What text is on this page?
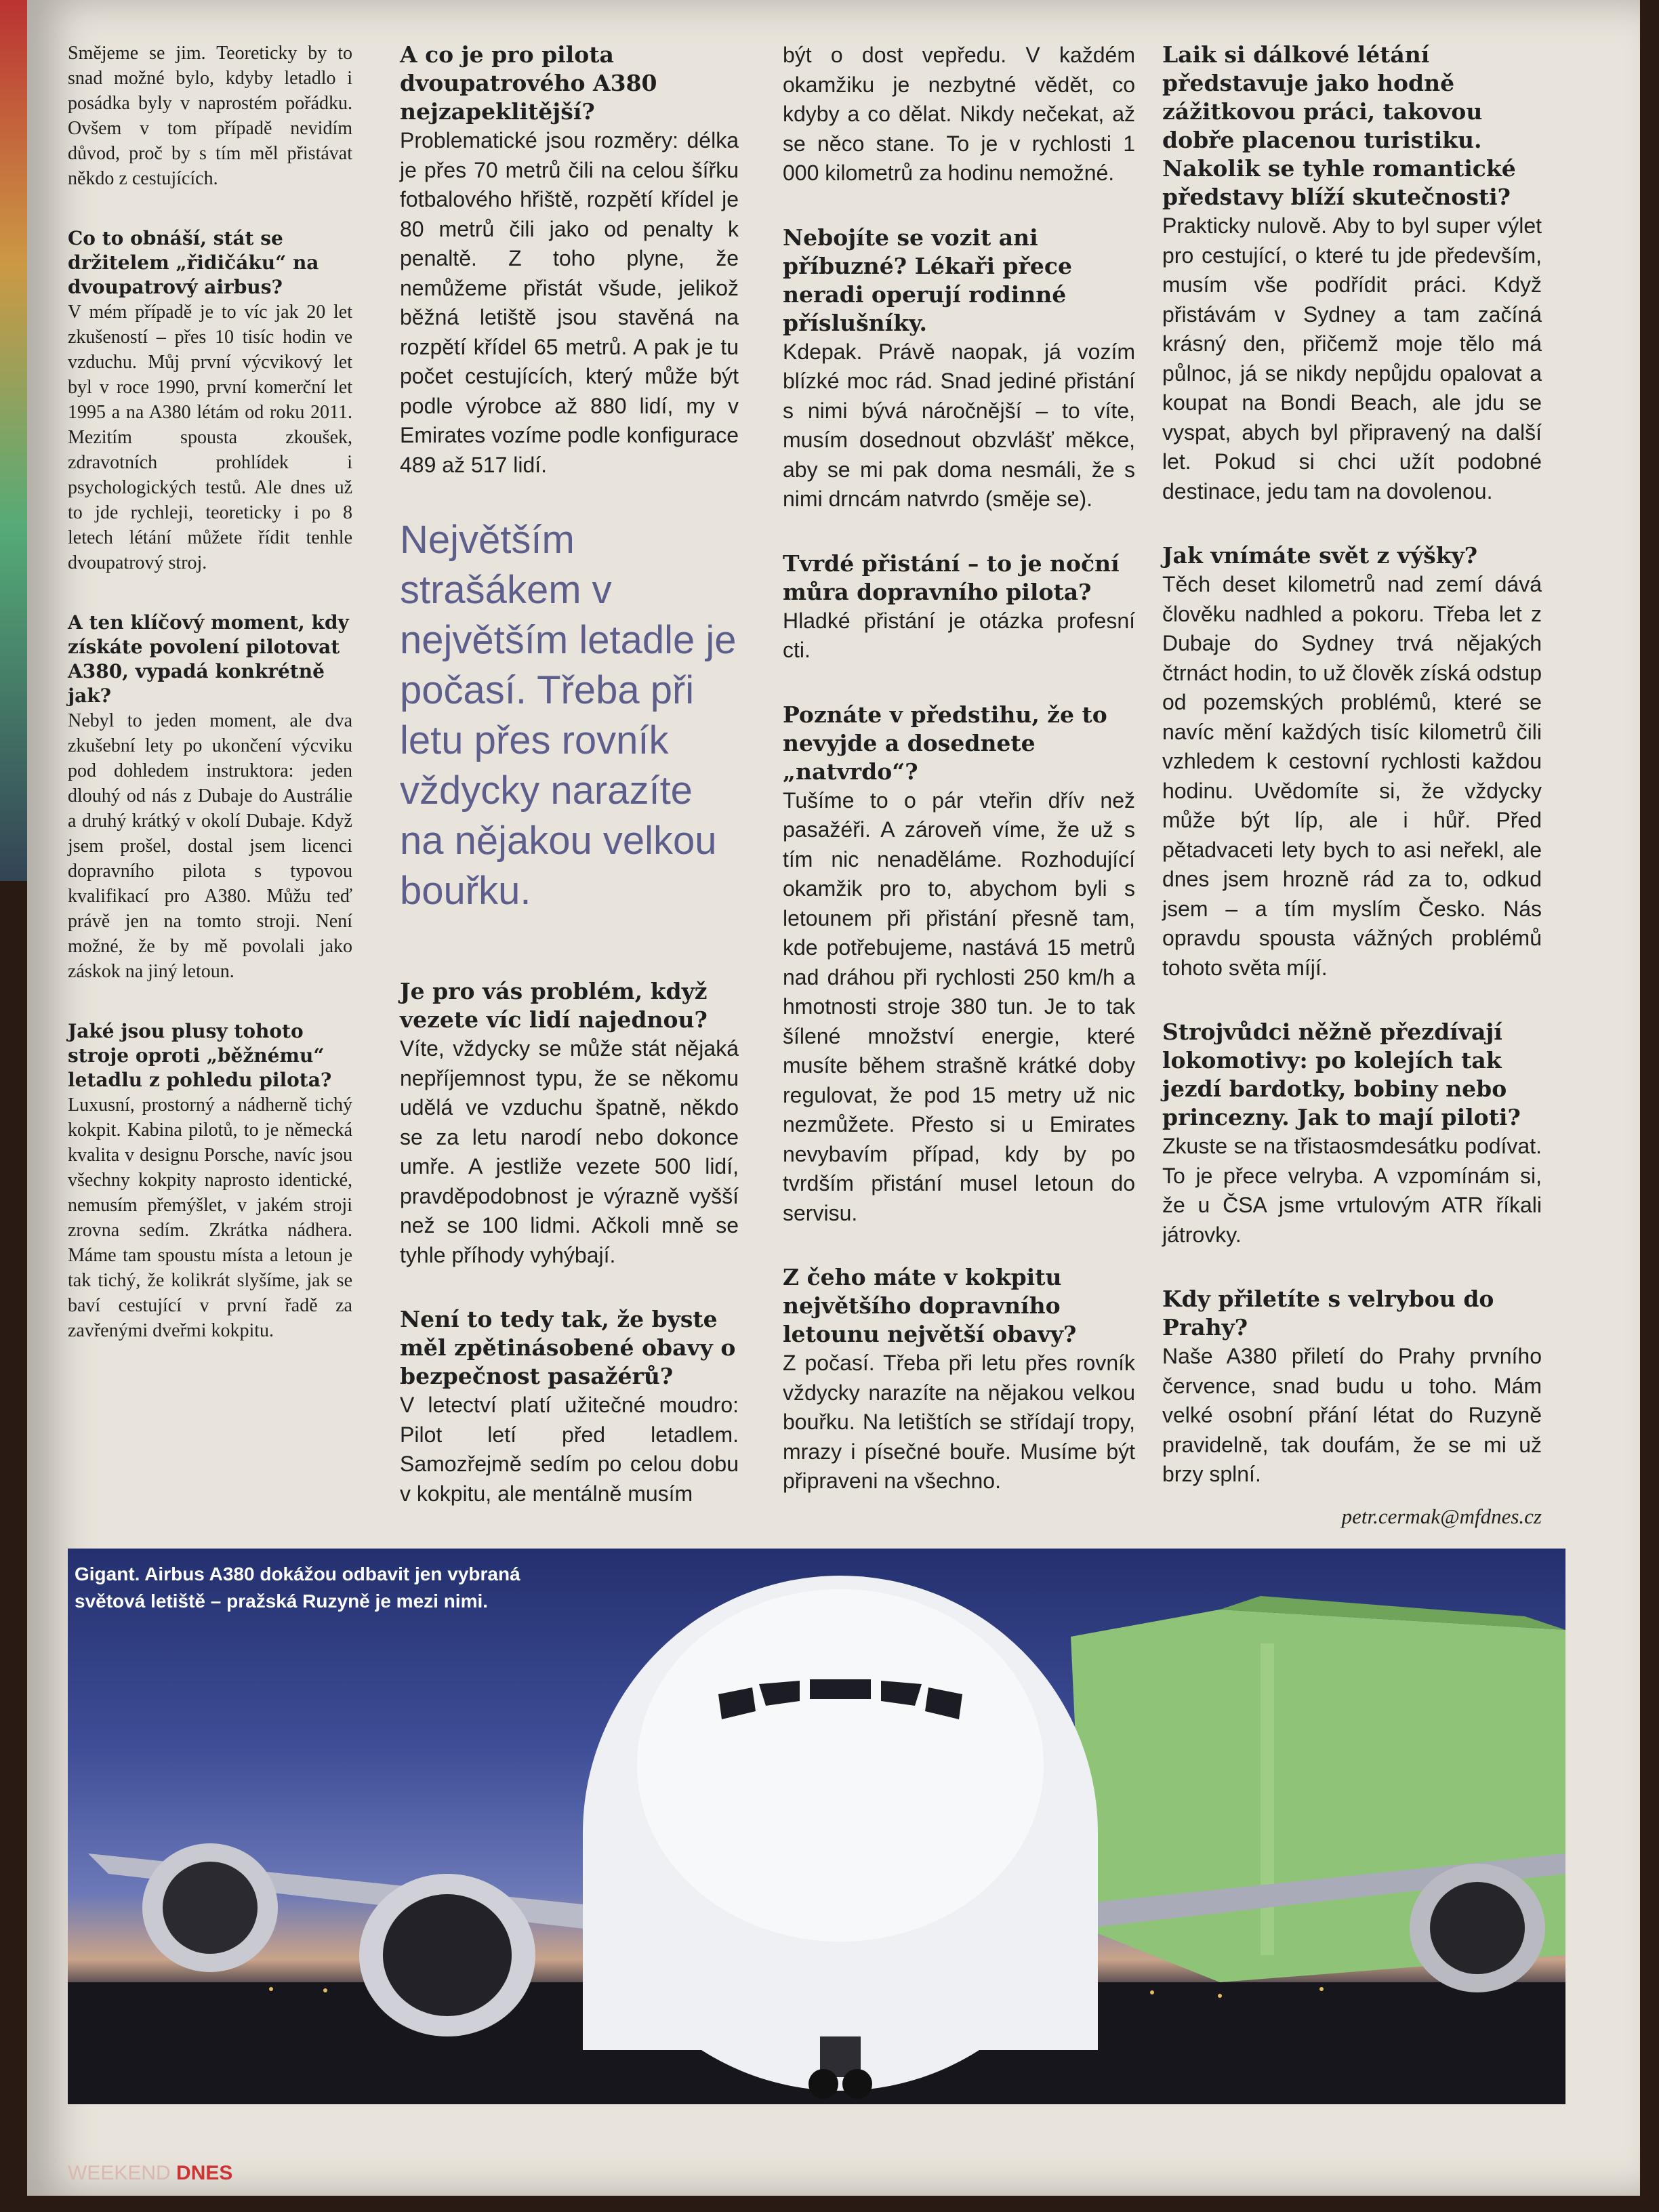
Smějeme se jim. Teoreticky by to snad možné bylo, kdyby letadlo i posádka byly v naprostém pořádku. Ovšem v tom případě nevidím důvod, proč by s tím měl přistávat někdo z cestujících.

Co to obnáší, stát se držitelem „řidičáku“ na dvoupatrový airbus?

V mém případě je to víc jak 20 let zkušeností – přes 10 tisíc hodin ve vzduchu. Můj první výcvikový let byl v roce 1990, první komerční let 1995 a na A380 létám od roku 2011. Mezitím spousta zkoušek, zdravotních prohlídek i psychologických testů. Ale dnes už to jde rychleji, teoreticky i po 8 letech létání můžete řídit tenhle dvoupatrový stroj.

A ten klíčový moment, kdy získáte povolení pilotovat A380, vypadá konkrétně jak?

Nebyl to jeden moment, ale dva zkušební lety po ukončení výcviku pod dohledem instruktora: jeden dlouhý od nás z Dubaje do Austrálie a druhý krátký v okolí Dubaje. Když jsem prošel, dostal jsem licenci dopravního pilota s typovou kvalifikací pro A380. Můžu teď právě jen na tomto stroji. Není možné, že by mě povolali jako záskok na jiný letoun.

Jaké jsou plusy tohoto stroje oproti „běžnému“ letadlu z pohledu pilota?

Luxusní, prostorný a nádherně tichý kokpit. Kabina pilotů, to je německá kvalita v designu Porsche, navíc jsou všechny kokpity naprosto identické, nemusím přemýšlet, v jakém stroji zrovna sedím. Zkrátka nádhera. Máme tam spoustu místa a letoun je tak tichý, že kolikrát slyšíme, jak se baví cestující v první řadě za zavřenými dveřmi kokpitu.

A co je pro pilota dvoupatrového A380 nejzapeklitější?

Problematické jsou rozměry: délka je přes 70 metrů čili na celou šířku fotbalového hřiště, rozpětí křídel je 80 metrů čili jako od penalty k penaltě. Z toho plyne, že nemůžeme přistát všude, jelikož běžná letiště jsou stavěná na rozpětí křídel 65 metrů. A pak je tu počet cestujících, který může být podle výrobce až 880 lidí, my v Emirates vozíme podle konfigurace 489 až 517 lidí.

Největším strašákem v největším letadle je počasí. Třeba při letu přes rovník vždycky narazíte na nějakou velkou bouřku.

Je pro vás problém, když vezete víc lidí najednou?

Víte, vždycky se může stát nějaká nepříjemnost typu, že se někomu udělá ve vzduchu špatně, někdo se za letu narodí nebo dokonce umře. A jestliže vezete 500 lidí, pravděpodobnost je výrazně vyšší než se 100 lidmi. Ačkoli mně se tyhle příhody vyhýbají.

Není to tedy tak, že byste měl zpětinásobené obavy o bezpečnost pasažérů?

V letectví platí užitečné moudro: Pilot letí před letadlem. Samozřejmě sedím po celou dobu v kokpitu, ale mentálně musím

být o dost vepředu. V každém okamžiku je nezbytné vědět, co kdyby a co dělat. Nikdy nečekat, až se něco stane. To je v rychlosti 1 000 kilometrů za hodinu nemožné.

Nebojíte se vozit ani příbuzné? Lékaři přece neradi operují rodinné příslušníky.

Kdepak. Právě naopak, já vozím blízké moc rád. Snad jediné přistání s nimi bývá náročnější – to víte, musím dosednout obzvlášť měkce, aby se mi pak doma nesmáli, že s nimi drncám natvrdo (směje se).

Tvrdé přistání – to je noční můra dopravního pilota?

Hladké přistání je otázka profesní cti.

Poznáte v předstihu, že to nevyjde a dosednete „natvrdo“?

Tušíme to o pár vteřin dřív než pasažéři. A zároveň víme, že už s tím nic nenaděláme. Rozhodující okamžik pro to, abychom byli s letounem při přistání přesně tam, kde potřebujeme, nastává 15 metrů nad dráhou při rychlosti 250 km/h a hmotnosti stroje 380 tun. Je to tak šílené množství energie, které musíte během strašně krátké doby regulovat, že pod 15 metry už nic nezmůžete. Přesto si u Emirates nevybavím případ, kdy by po tvrdším přistání musel letoun do servisu.

Z čeho máte v kokpitu největšího dopravního letounu největší obavy?

Z počasí. Třeba při letu přes rovník vždycky narazíte na nějakou velkou bouřku. Na letištích se střídají tropy, mrazy i písečné bouře. Musíme být připraveni na všechno.

Laik si dálkové létání představuje jako hodně zážitkovou práci, takovou dobře placenou turistiku. Nakolik se tyhle romantické představy blíží skutečnosti?

Prakticky nulově. Aby to byl super výlet pro cestující, o které tu jde především, musím vše podřídit práci. Když přistávám v Sydney a tam začíná krásný den, přičemž moje tělo má půlnoc, já se nikdy nepůjdu opalovat a koupat na Bondi Beach, ale jdu se vyspat, abych byl připravený na další let. Pokud si chci užít podobné destinace, jedu tam na dovolenou.

Jak vnímáte svět z výšky?

Těch deset kilometrů nad zemí dává člověku nadhled a pokoru. Třeba let z Dubaje do Sydney trvá nějakých čtrnáct hodin, to už člověk získá odstup od pozemských problémů, které se navíc mění každých tisíc kilometrů čili vzhledem k cestovní rychlosti každou hodinu. Uvědomíte si, že vždycky může být líp, ale i hůř. Před pětadvaceti lety bych to asi neřekl, ale dnes jsem hrozně rád za to, odkud jsem – a tím myslím Česko. Nás opravdu spousta vážných problémů tohoto světa míjí.

Strojvůdci něžně přezdívají lokomotivy: po kolejích tak jezdí bardotky, bobiny nebo princezny. Jak to mají piloti?

Zkuste se na třistaosmdesátku podívat. To je přece velryba. A vzpomínám si, že u ČSA jsme vrtulovým ATR říkali játrovky.

Kdy přiletíte s velrybou do Prahy?

Naše A380 přiletí do Prahy prvního července, snad budu u toho. Mám velké osobní přání létat do Ruzyně pravidelně, tak doufám, že se mi už brzy splní.

petr.cermak@mfdnes.cz

Gigant. Airbus A380 dokážou odbavit jen vybraná světová letiště – pražská Ruzyně je mezi nimi.
WEEKEND DNES
